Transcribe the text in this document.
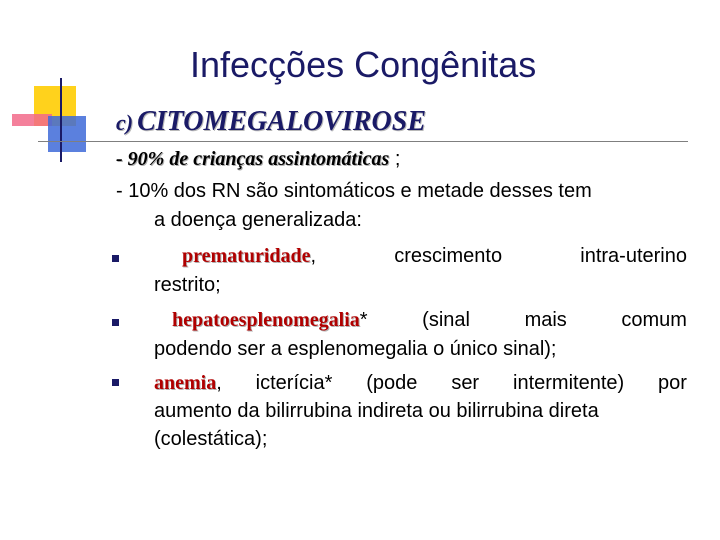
Infecções Congênitas
c) CITOMEGALOVIROSE
- 90% de crianças assintomáticas ;
- 10% dos RN são sintomáticos e metade desses tem
a doença generalizada:
prematuridade,	crescimento	intra-uterino
restrito;
hepatoesplenomegalia*	(sinal	mais	comum
podendo ser a esplenomegalia o único sinal);
anemia, icterícia* (pode ser intermitente) por
aumento da bilirrubina indireta ou bilirrubina direta
(colestática);
